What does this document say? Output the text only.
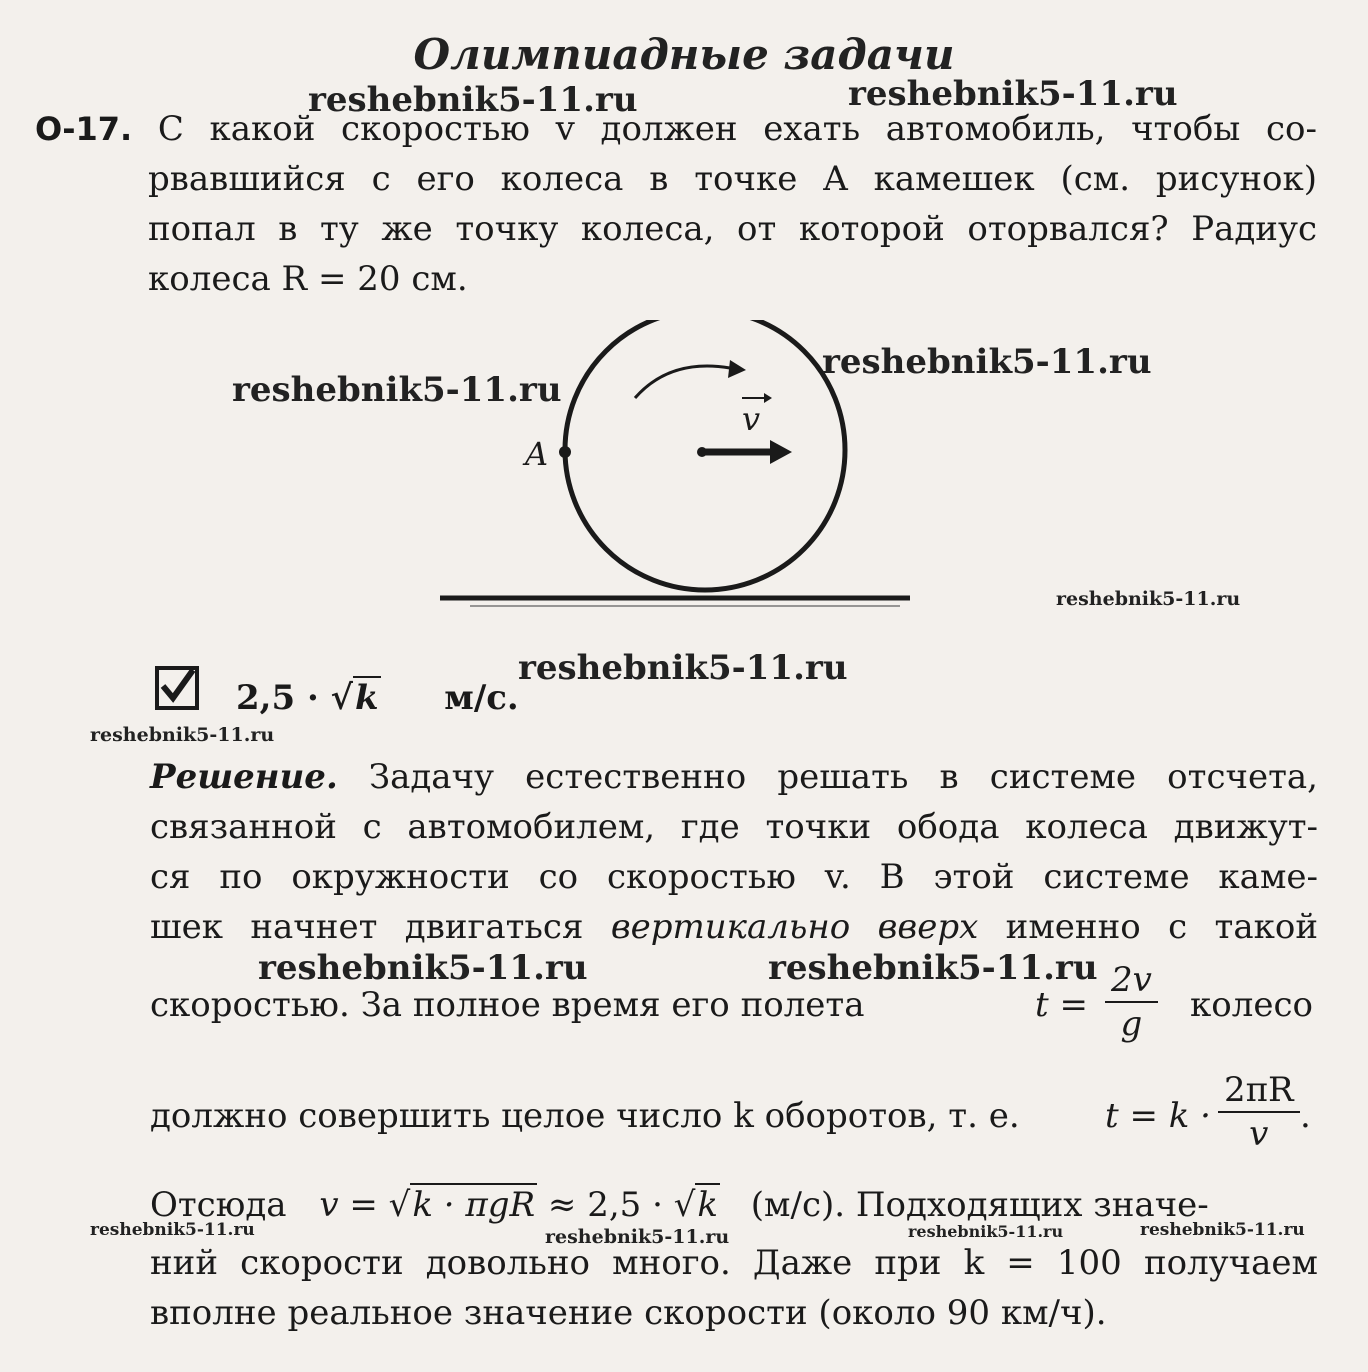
Олимпиадные задачи
О-17. С какой скоростью v должен ехать автомобиль, чтобы со-
рвавшийся с его колеса в точке A камешек (см. рисунок)
попал в ту же точку колеса, от которой оторвался? Радиус
колеса R = 20 см.
A
v
2,5 · √k м/с.
Решение. Задачу естественно решать в системе отсчета,
связанной с автомобилем, где точки обода колеса движут-
ся по окружности со скоростью v. В этой системе каме-
шек начнет двигаться вертикально вверх именно с такой
скоростью. За полное время его полета	$t = \frac{2v}{g}$ колесо
должно совершить целое число k оборотов, т. е.	$t = k \cdot \frac{2\pi R}{v}$ .
Отсюда v = √k · πgR ≈ 2,5 · √k (м/с). Подходящих значе-
ний скорости довольно много. Даже при k = 100 получаем
вполне реальное значение скорости (около 90 км/ч).
reshebnik5-11.ru	reshebnik5-11.ru
reshebnik5-11.ru
reshebnik5-11.ru
reshebnik5-11.ru
reshebnik5-11.ru
reshebnik5-11.ru
reshebnik5-11.ru	reshebnik5-11.ru
reshebnik5-11.ru	reshebnik5-11.ru	reshebnik5-11.ru	reshebnik5-11.ru
